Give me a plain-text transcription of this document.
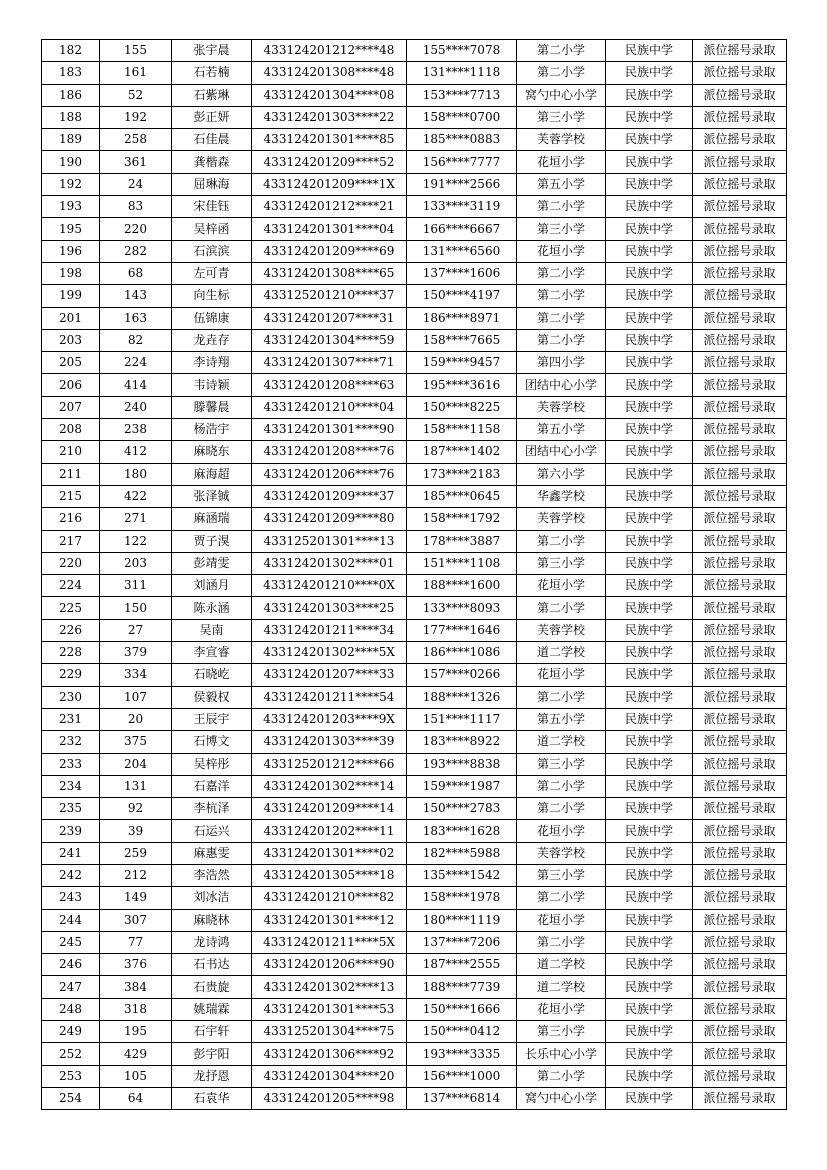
182	155	张宇晨	433124201212****48	155****7078	第二小学	民族中学	派位摇号录取
183	161	石若楠	433124201308****48	131****1118	第二小学	民族中学	派位摇号录取
186	52	石紫琳	433124201304****08	153****7713	窝勺中心小学	民族中学	派位摇号录取
188	192	彭正妍	433124201303****22	158****0700	第三小学	民族中学	派位摇号录取
189	258	石佳晨	433124201301****85	185****0883	芙蓉学校	民族中学	派位摇号录取
190	361	龚楷森	433124201209****52	156****7777	花垣小学	民族中学	派位摇号录取
192	24	屈琳海	433124201209****1X	191****2566	第五小学	民族中学	派位摇号录取
193	83	宋佳钰	433124201212****21	133****3119	第二小学	民族中学	派位摇号录取
195	220	吴梓函	433124201301****04	166****6667	第三小学	民族中学	派位摇号录取
196	282	石滨滨	433124201209****69	131****6560	花垣小学	民族中学	派位摇号录取
198	68	左可青	433124201308****65	137****1606	第二小学	民族中学	派位摇号录取
199	143	向生标	433125201210****37	150****4197	第二小学	民族中学	派位摇号录取
201	163	伍锦康	433124201207****31	186****8971	第二小学	民族中学	派位摇号录取
203	82	龙垚存	433124201304****59	158****7665	第二小学	民族中学	派位摇号录取
205	224	李诗翔	433124201307****71	159****9457	第四小学	民族中学	派位摇号录取
206	414	韦诗颖	433124201208****63	195****3616	团结中心小学	民族中学	派位摇号录取
207	240	滕馨晨	433124201210****04	150****8225	芙蓉学校	民族中学	派位摇号录取
208	238	杨浩宇	433124201301****90	158****1158	第五小学	民族中学	派位摇号录取
210	412	麻晓东	433124201208****76	187****1402	团结中心小学	民族中学	派位摇号录取
211	180	麻海超	433124201206****76	173****2183	第六小学	民族中学	派位摇号录取
215	422	张泽铖	433124201209****37	185****0645	华鑫学校	民族中学	派位摇号录取
216	271	麻涵瑞	433124201209****80	158****1792	芙蓉学校	民族中学	派位摇号录取
217	122	贾子湨	433125201301****13	178****3887	第二小学	民族中学	派位摇号录取
220	203	彭靖雯	433124201302****01	151****1108	第三小学	民族中学	派位摇号录取
224	311	刘涵月	433124201210****0X	188****1600	花垣小学	民族中学	派位摇号录取
225	150	陈永涵	433124201303****25	133****8093	第二小学	民族中学	派位摇号录取
226	27	吴南	433124201211****34	177****1646	芙蓉学校	民族中学	派位摇号录取
228	379	李宣睿	433124201302****5X	186****1086	道二学校	民族中学	派位摇号录取
229	334	石晓屹	433124201207****33	157****0266	花垣小学	民族中学	派位摇号录取
230	107	侯毅权	433124201211****54	188****1326	第二小学	民族中学	派位摇号录取
231	20	王辰宇	433124201203****9X	151****1117	第五小学	民族中学	派位摇号录取
232	375	石博文	433124201303****39	183****8922	道二学校	民族中学	派位摇号录取
233	204	吴梓彤	433125201212****66	193****8838	第三小学	民族中学	派位摇号录取
234	131	石嘉洋	433124201302****14	159****1987	第二小学	民族中学	派位摇号录取
235	92	李杭泽	433124201209****14	150****2783	第二小学	民族中学	派位摇号录取
239	39	石运兴	433124201202****11	183****1628	花垣小学	民族中学	派位摇号录取
241	259	麻惠雯	433124201301****02	182****5988	芙蓉学校	民族中学	派位摇号录取
242	212	李浩然	433124201305****18	135****1542	第三小学	民族中学	派位摇号录取
243	149	刘冰洁	433124201210****82	158****1978	第二小学	民族中学	派位摇号录取
244	307	麻晓林	433124201301****12	180****1119	花垣小学	民族中学	派位摇号录取
245	77	龙诗鸿	433124201211****5X	137****7206	第二小学	民族中学	派位摇号录取
246	376	石书达	433124201206****90	187****2555	道二学校	民族中学	派位摇号录取
247	384	石贵旋	433124201302****13	188****7739	道二学校	民族中学	派位摇号录取
248	318	姚瑞霖	433124201301****53	150****1666	花垣小学	民族中学	派位摇号录取
249	195	石宇轩	433125201304****75	150****0412	第三小学	民族中学	派位摇号录取
252	429	彭宇阳	433124201306****92	193****3335	长乐中心小学	民族中学	派位摇号录取
253	105	龙抒恩	433124201304****20	156****1000	第二小学	民族中学	派位摇号录取
254	64	石袁华	433124201205****98	137****6814	窝勺中心小学	民族中学	派位摇号录取
